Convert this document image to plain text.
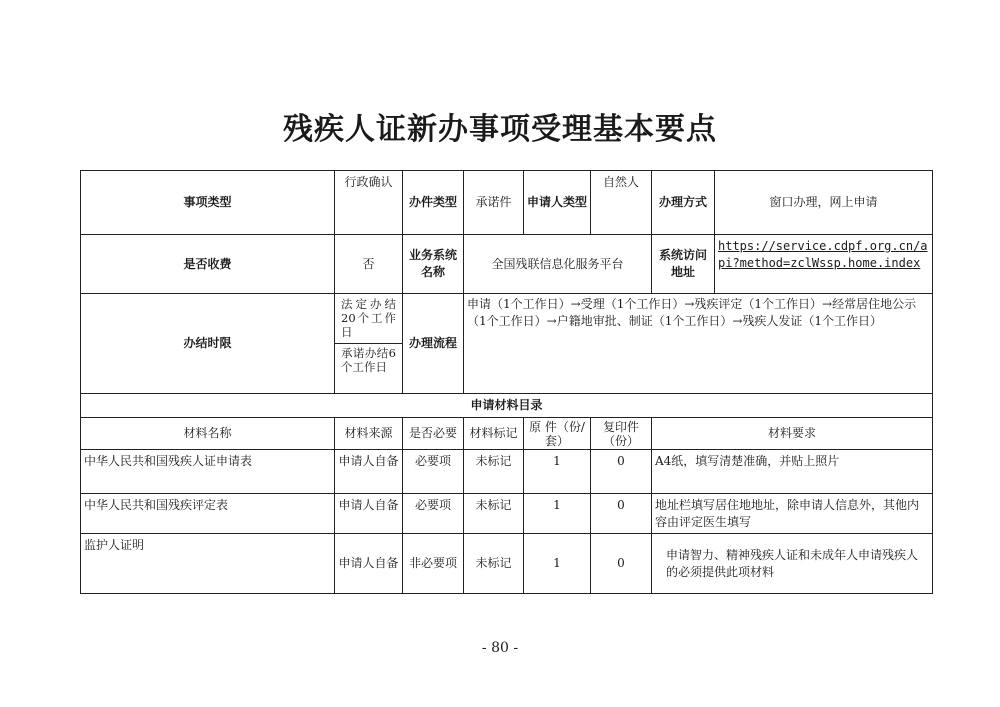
残疾人证新办事项受理基本要点
事项类型	行政确认	办件类型	承诺件	申请人类型	自然人	办理方式	窗口办理，网上申请
是否收费	否	业务系统名称	全国残联信息化服务平台			系统访问地址	https://service.cdpf.org.cn/api?method=zclWssp.home.index
办结时限	法定办结20个工作日
承诺办结6个工作日	办理流程	申请（1个工作日）→受理（1个工作日）→残疾评定（1个工作日）→经常居住地公示（1个工作日）→户籍地审批、制证（1个工作日）→残疾人发证（1个工作日）				
申请材料目录							
材料名称	材料来源	是否必要	材料标记	原 件（份/套）	复印件（份）	材料要求	
中华人民共和国残疾人证申请表	申请人自备	必要项	未标记	1	0	A4纸，填写清楚准确，并贴上照片	
中华人民共和国残疾评定表	申请人自备	必要项	未标记	1	0	地址栏填写居住地地址，除申请人信息外，其他内容由评定医生填写	
监护人证明	申请人自备	非必要项	未标记	1	0	申请智力、精神残疾人证和未成年人申请残疾人的必须提供此项材料	
- 80 -
